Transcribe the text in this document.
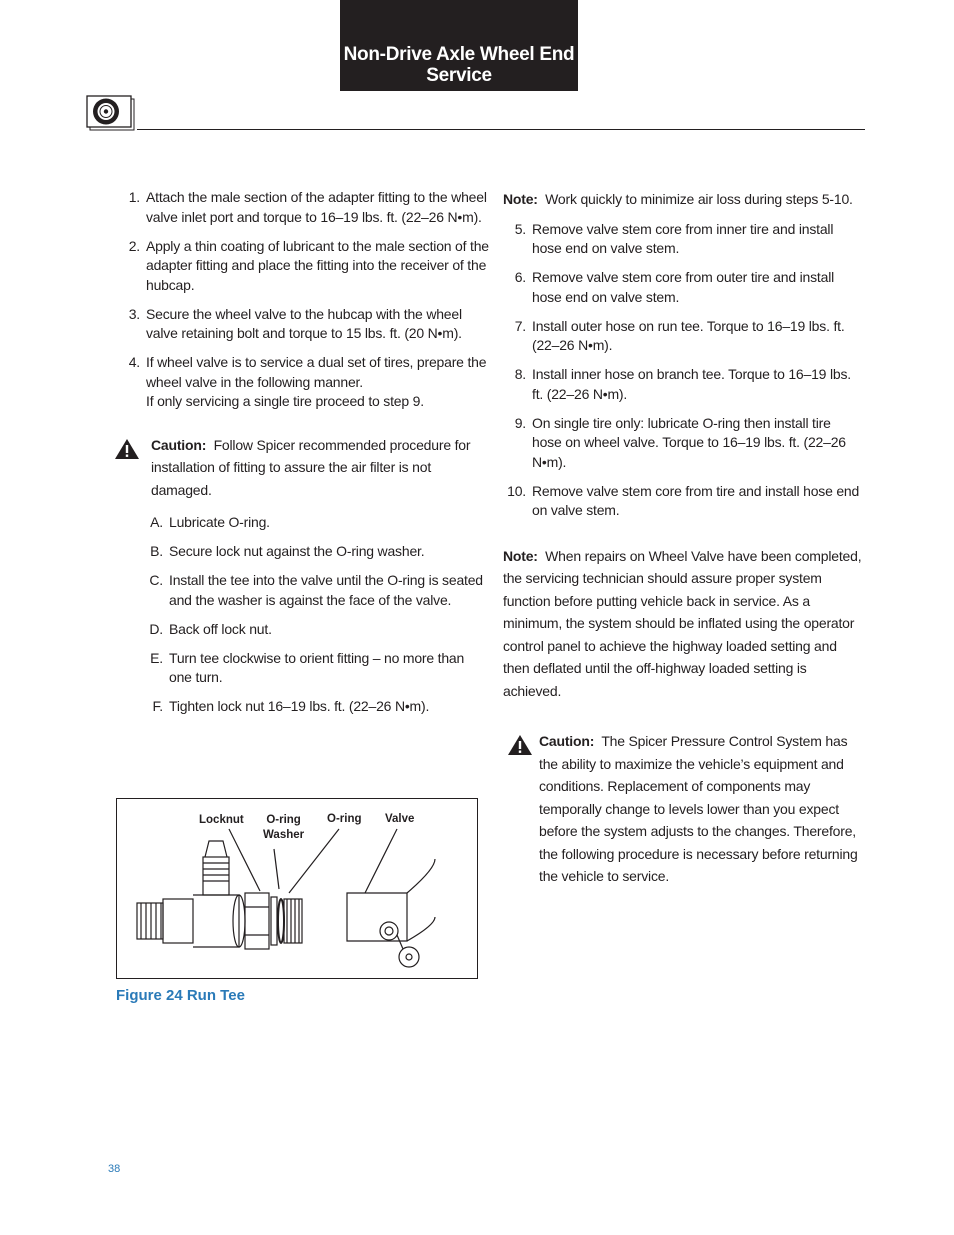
Non-Drive Axle Wheel End
Service
1. Attach the male section of the adapter fitting to the wheel valve inlet port and torque to 16–19 lbs. ft. (22–26 N•m).
2. Apply a thin coating of lubricant to the male section of the adapter fitting and place the fitting into the receiver of the hubcap.
3. Secure the wheel valve to the hubcap with the wheel valve retaining bolt and torque to 15 lbs. ft. (20 N•m).
4. If wheel valve is to service a dual set of tires, prepare the wheel valve in the following manner.
If only servicing a single tire proceed to step 9.
Caution: Follow Spicer recommended procedure for installation of fitting to assure the air filter is not damaged.
A. Lubricate O-ring.
B. Secure lock nut against the O-ring washer.
C. Install the tee into the valve until the O-ring is seated and the washer is against the face of the valve.
D. Back off lock nut.
E. Turn tee clockwise to orient fitting – no more than one turn.
F. Tighten lock nut 16–19 lbs. ft. (22–26 N•m).
Locknut O-ring
Washer
O-ring Valve
Figure 24 Run Tee
Note: Work quickly to minimize air loss during steps 5-10.
5. Remove valve stem core from inner tire and install hose end on valve stem.
6. Remove valve stem core from outer tire and install hose end on valve stem.
7. Install outer hose on run tee. Torque to 16–19 lbs. ft. (22–26 N•m).
8. Install inner hose on branch tee. Torque to 16–19 lbs. ft. (22–26 N•m).
9. On single tire only: lubricate O-ring then install tire hose on wheel valve. Torque to 16–19 lbs. ft. (22–26 N•m).
10. Remove valve stem core from tire and install hose end on valve stem.
Note: When repairs on Wheel Valve have been completed, the servicing technician should assure proper system function before putting vehicle back in service. As a minimum, the system should be inflated using the operator control panel to achieve the highway loaded setting and then deflated until the off-highway loaded setting is achieved.
Caution: The Spicer Pressure Control System has the ability to maximize the vehicle’s equipment and conditions. Replacement of components may temporally change to levels lower than you expect before the system adjusts to the changes. Therefore, the following procedure is necessary before returning the vehicle to service.
38
